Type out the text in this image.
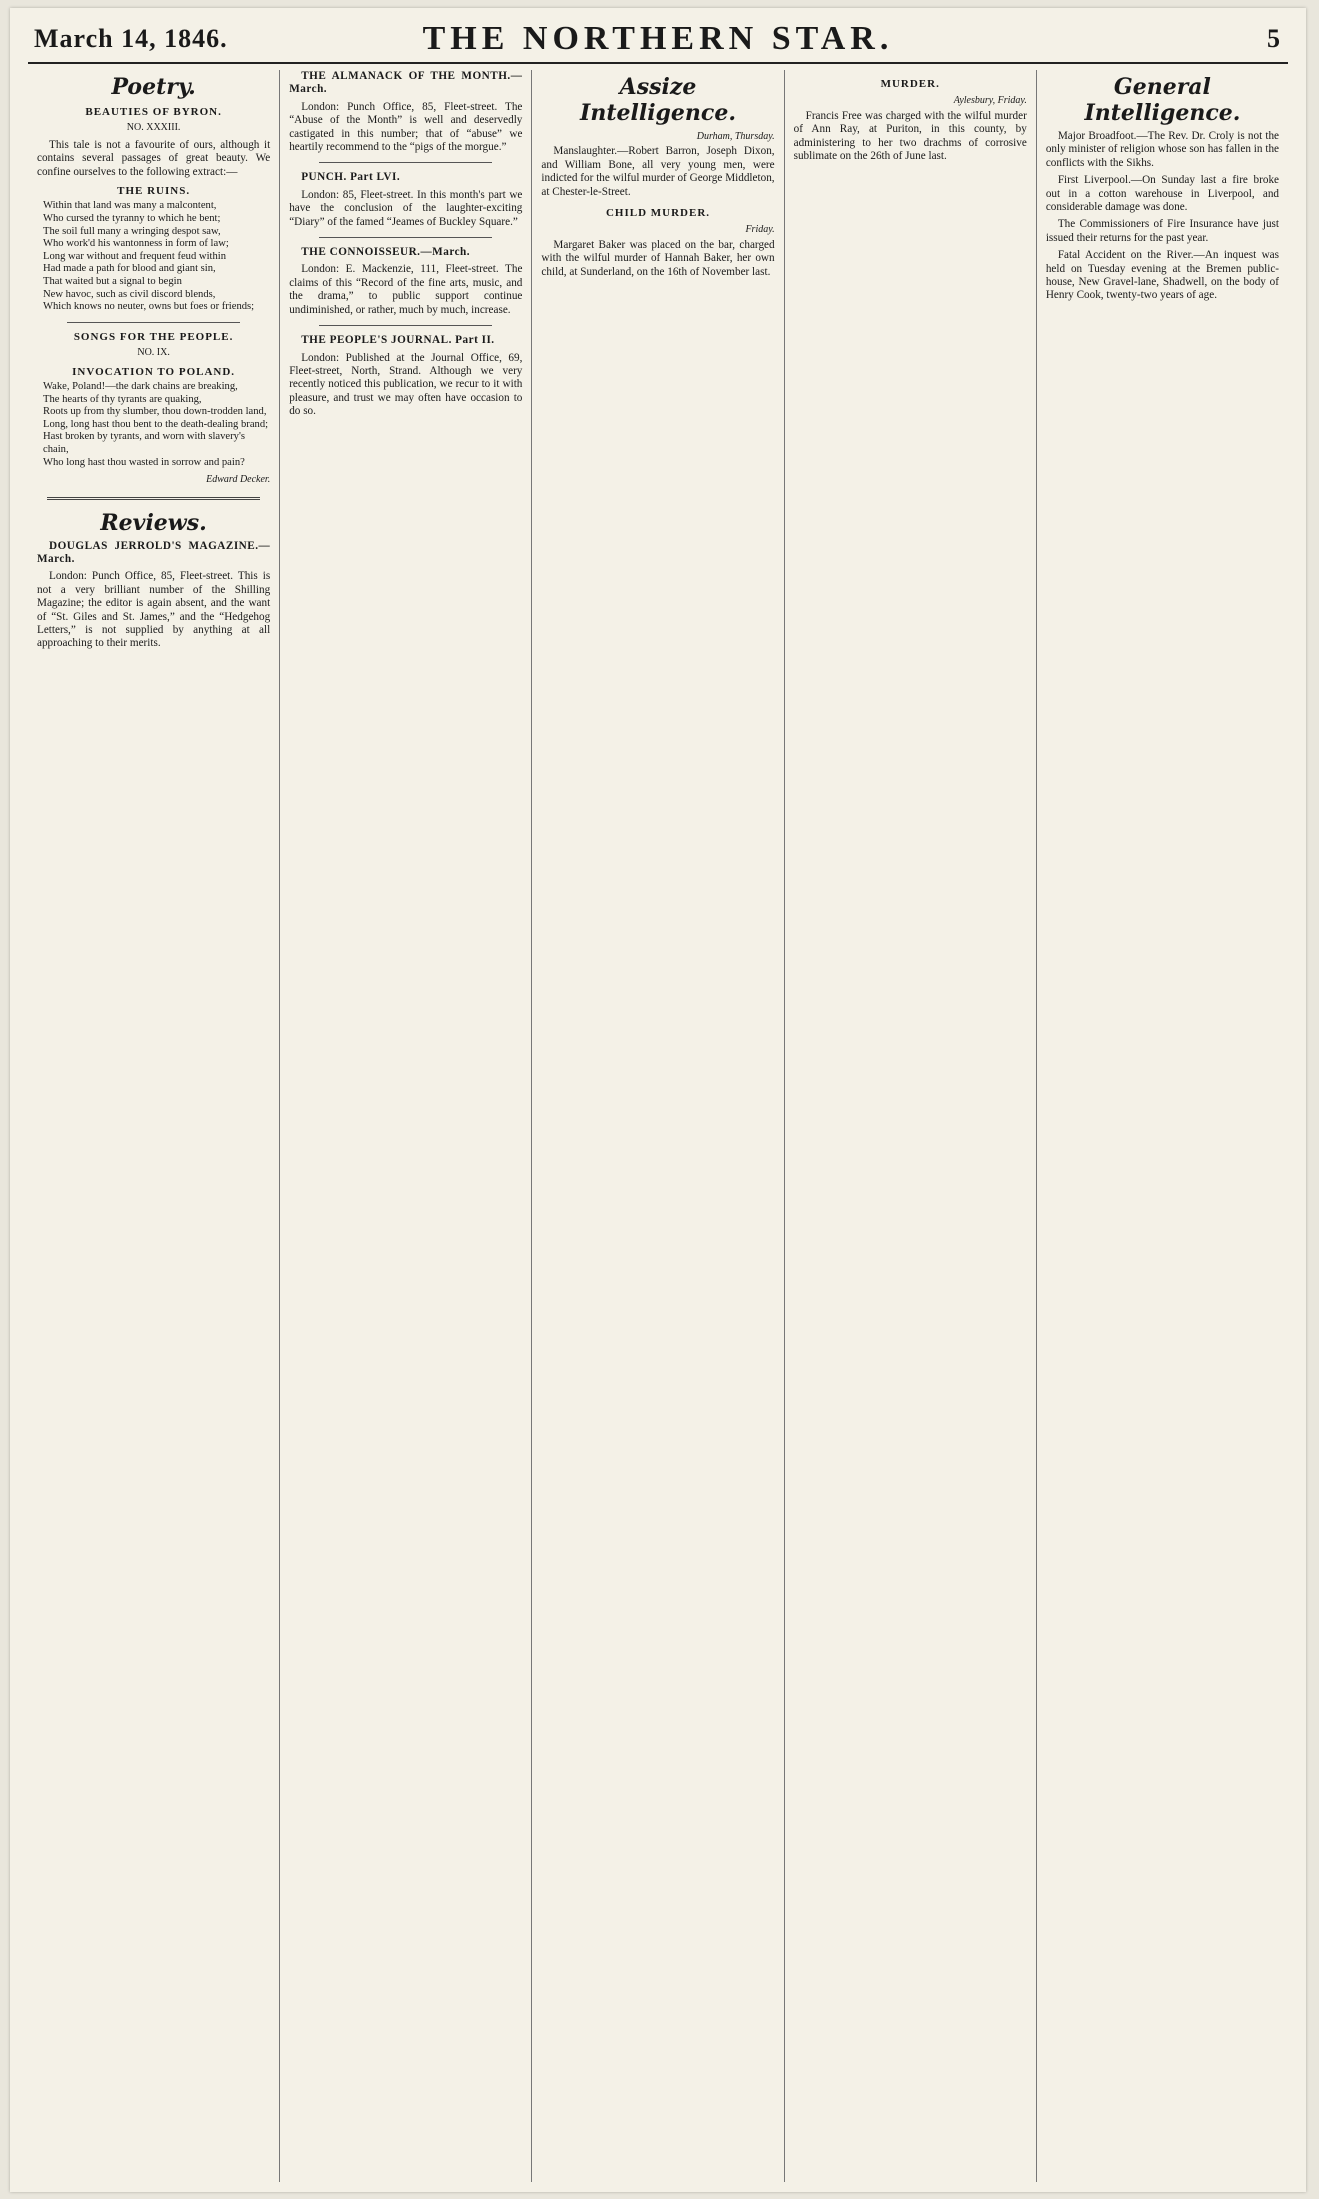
March 14, 1846.	THE NORTHERN STAR.	5
Poetry.
BEAUTIES OF BYRON.
NO. XXXIII.

This tale is not a favourite of ours, although it contains several passages of great beauty. We confine ourselves to the following extract:—

THE RUINS.
Within that land was many a malcontent,
Who cursed the tyranny to which he bent;
The soil full many a wringing despot saw,
Who work'd his wantonness in form of law;
Long war without and frequent feud within
Had made a path for blood and giant sin,
That waited but a signal to begin
New havoc, such as civil discord blends,
Which knows no neuter, owns but foes or friends;
SONGS FOR THE PEOPLE.
NO. IX.
INVOCATION TO POLAND.
Wake, Poland!—the dark chains are breaking,
The hearts of thy tyrants are quaking,
Roots up from thy slumber, thou down-trodden land,
Long, long hast thou bent to the death-dealing brand;
Hast broken by tyrants, and worn with slavery's chain,
Who long hast thou wasted in sorrow and pain?
Edward Decker.
Reviews.

DOUGLAS JERROLD'S MAGAZINE.—March.

London: Punch Office, 85, Fleet-street. This is not a very brilliant number of the Shilling Magazine; the editor is again absent, and the want of “St. Giles and St. James,” and the “Hedgehog Letters,” is not supplied by anything at all approaching to their merits.

THE ALMANACK OF THE MONTH.—March.

London: Punch Office, 85, Fleet-street. The “Abuse of the Month” is well and deservedly castigated in this number; that of “abuse” we heartily recommend to the “pigs of the morgue.”

PUNCH. Part LVI.

London: 85, Fleet-street. In this month's part we have the conclusion of the laughter-exciting “Diary” of the famed “Jeames of Buckley Square.”

THE CONNOISSEUR.—March.

London: E. Mackenzie, 111, Fleet-street. The claims of this “Record of the fine arts, music, and the drama,” to public support continue undiminished, or rather, much by much, increase.

THE PEOPLE'S JOURNAL. Part II.

London: Published at the Journal Office, 69, Fleet-street, North, Strand. Although we very recently noticed this publication, we recur to it with pleasure, and trust we may often have occasion to do so.

Assize Intelligence.
Durham, Thursday.

Manslaughter.—Robert Barron, Joseph Dixon, and William Bone, all very young men, were indicted for the wilful murder of George Middleton, at Chester-le-Street.

CHILD MURDER.
Friday.

Margaret Baker was placed on the bar, charged with the wilful murder of Hannah Baker, her own child, at Sunderland, on the 16th of November last.

MURDER.
Aylesbury, Friday.

Francis Free was charged with the wilful murder of Ann Ray, at Puriton, in this county, by administering to her two drachms of corrosive sublimate on the 26th of June last.

General Intelligence.

Major Broadfoot.—The Rev. Dr. Croly is not the only minister of religion whose son has fallen in the conflicts with the Sikhs.

First Liverpool.—On Sunday last a fire broke out in a cotton warehouse in Liverpool, and considerable damage was done.

The Commissioners of Fire Insurance have just issued their returns for the past year.

Fatal Accident on the River.—An inquest was held on Tuesday evening at the Bremen public-house, New Gravel-lane, Shadwell, on the body of Henry Cook, twenty-two years of age.
